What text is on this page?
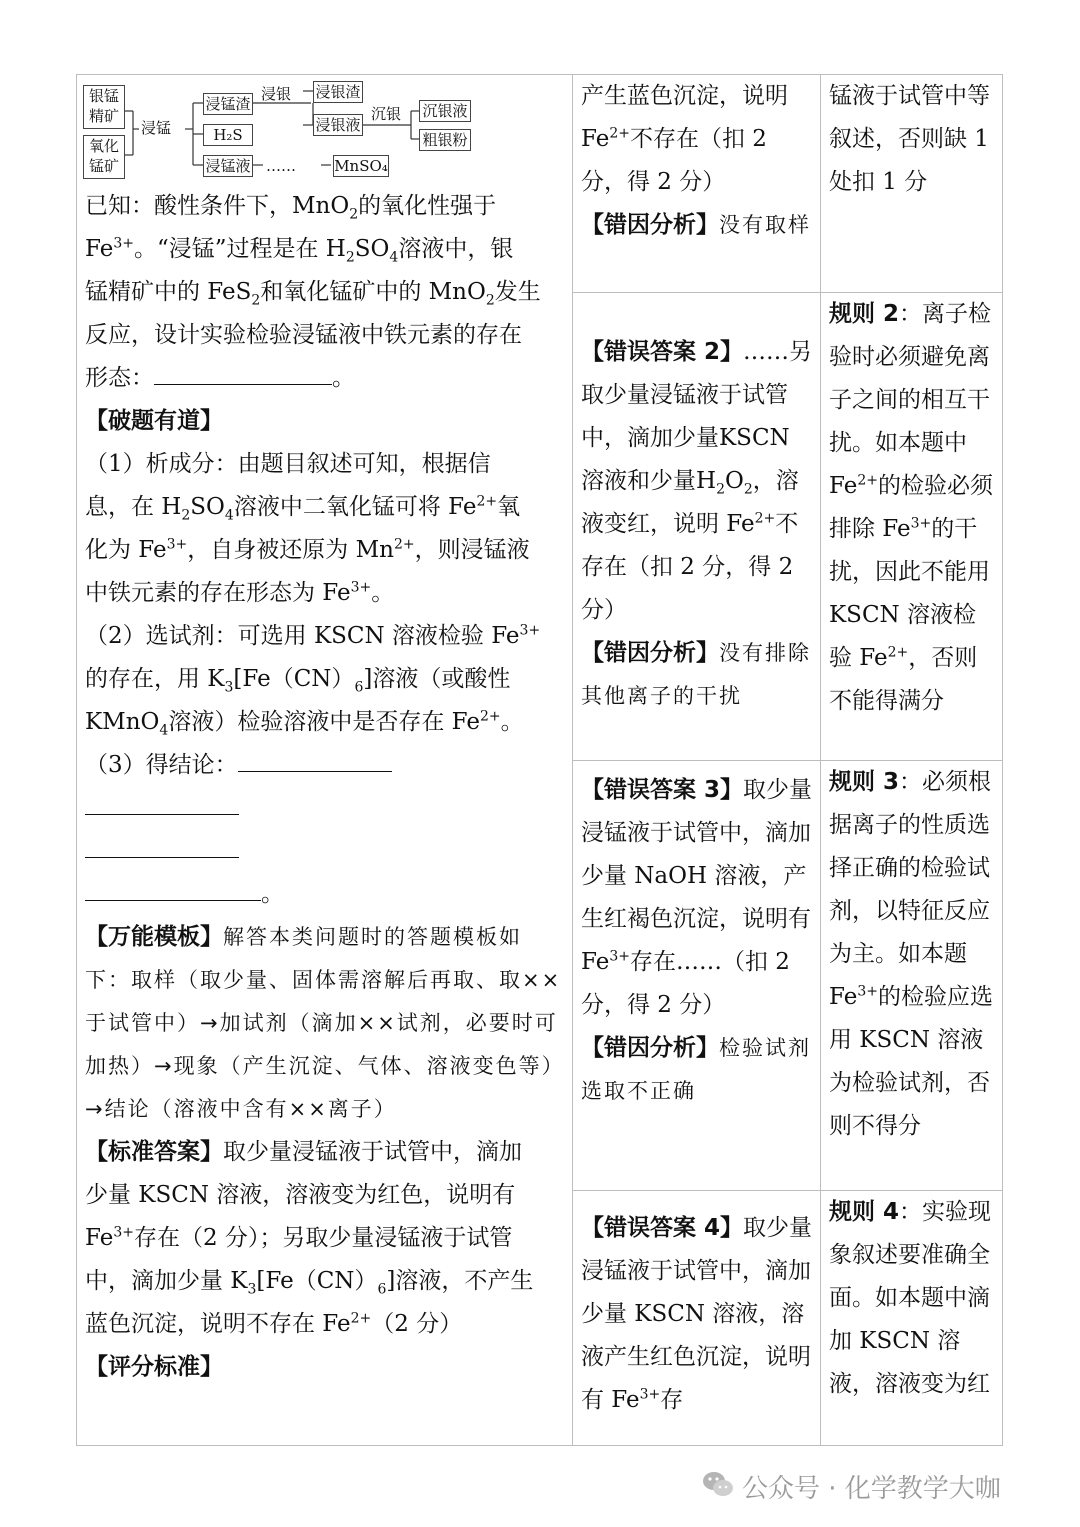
银锰
精矿
氧化
锰矿
浸锰
浸锰渣
H₂S
浸锰液 ……	MnSO₄
浸银 浸银渣
浸银液
沉银 沉银液
粗银粉

已知：酸性条件下，MnO$_2$的氧化性强于
$Fe^{3+}$。“浸锰”过程是在 $H_2SO_4$溶液中，银
锰精矿中的 FeS$_2$和氧化锰矿中的 MnO$_2$发生
反应，设计实验检验浸锰液中铁元素的存在
形态：	。

【破题有道】

（1）析成分：由题目叙述可知，根据信
息，在 $H_2SO_4$溶液中二氧化锰可将 $Fe^{2+}$氧
化为 $Fe^{3+}$，自身被还原为 $Mn^{2+}$，则浸锰液
中铁元素的存在形态为 $Fe^{3+}$。

（2）选试剂：可选用 KSCN 溶液检验 $Fe^{3+}$
的存在，用 $K_3[Fe(CN)_6]$溶液（或酸性
KMnO$_4$溶液）检验溶液中是否存在 $Fe^{2+}$。

（3）得结论：

。

【万能模板】解答本类问题时的答题模板如下：取样（取少量、固体需溶解后再取、取××于试管中）→加试剂（滴加××试剂，必要时可加热）→现象（产生沉淀、气体、溶液变色等）→结论（溶液中含有××离子）

【标准答案】取少量浸锰液于试管中，滴加
少量 KSCN 溶液，溶液变为红色，说明有
$Fe^{3+}$存在（2 分）；另取少量浸锰液于试管
中，滴加少量 $K_3[Fe(CN)_6]$溶液，不产生
蓝色沉淀，说明不存在 $Fe^{2+}(2$ 分）

【评分标准】

产生蓝色沉淀，说明
$Fe^{2+}$不存在（扣 2
分，得 2 分）
【错因分析】没有取样

【错误答案 2】……另取少量浸锰液于试管中，滴加少量KSCN 溶液和少量$H_2O_2$，溶液变红，说明 $Fe^{2+}$不存在（扣 2 分，得 2 分）
【错因分析】没有排除其他离子的干扰

【错误答案 3】取少量浸锰液于试管中，滴加少量 NaOH 溶液，产生红褐色沉淀，说明有 $Fe^{3+}$存在……（扣 2 分，得 2 分）
【错因分析】检验试剂选取不正确

【错误答案 4】取少量浸锰液于试管中，滴加少量 KSCN 溶液，溶液产生红色沉淀，说明有 $Fe^{3+}$存

锰液于试管中等叙述，否则缺 1 处扣 1 分

规则 2：离子检验时必须避免离子之间的相互干扰。如本题中 $Fe^{2+}$的检验必须排除 $Fe^{3+}$的干扰，因此不能用 KSCN 溶液检验 $Fe^{2+}$，否则不能得满分

规则 3：必须根据离子的性质选择正确的检验试剂，以特征反应为主。如本题 $Fe^{3+}$的检验应选用 KSCN 溶液为检验试剂，否则不得分

规则 4：实验现象叙述要准确全面。如本题中滴加 KSCN 溶液，溶液变为红

公众号 · 化学教学大咖
